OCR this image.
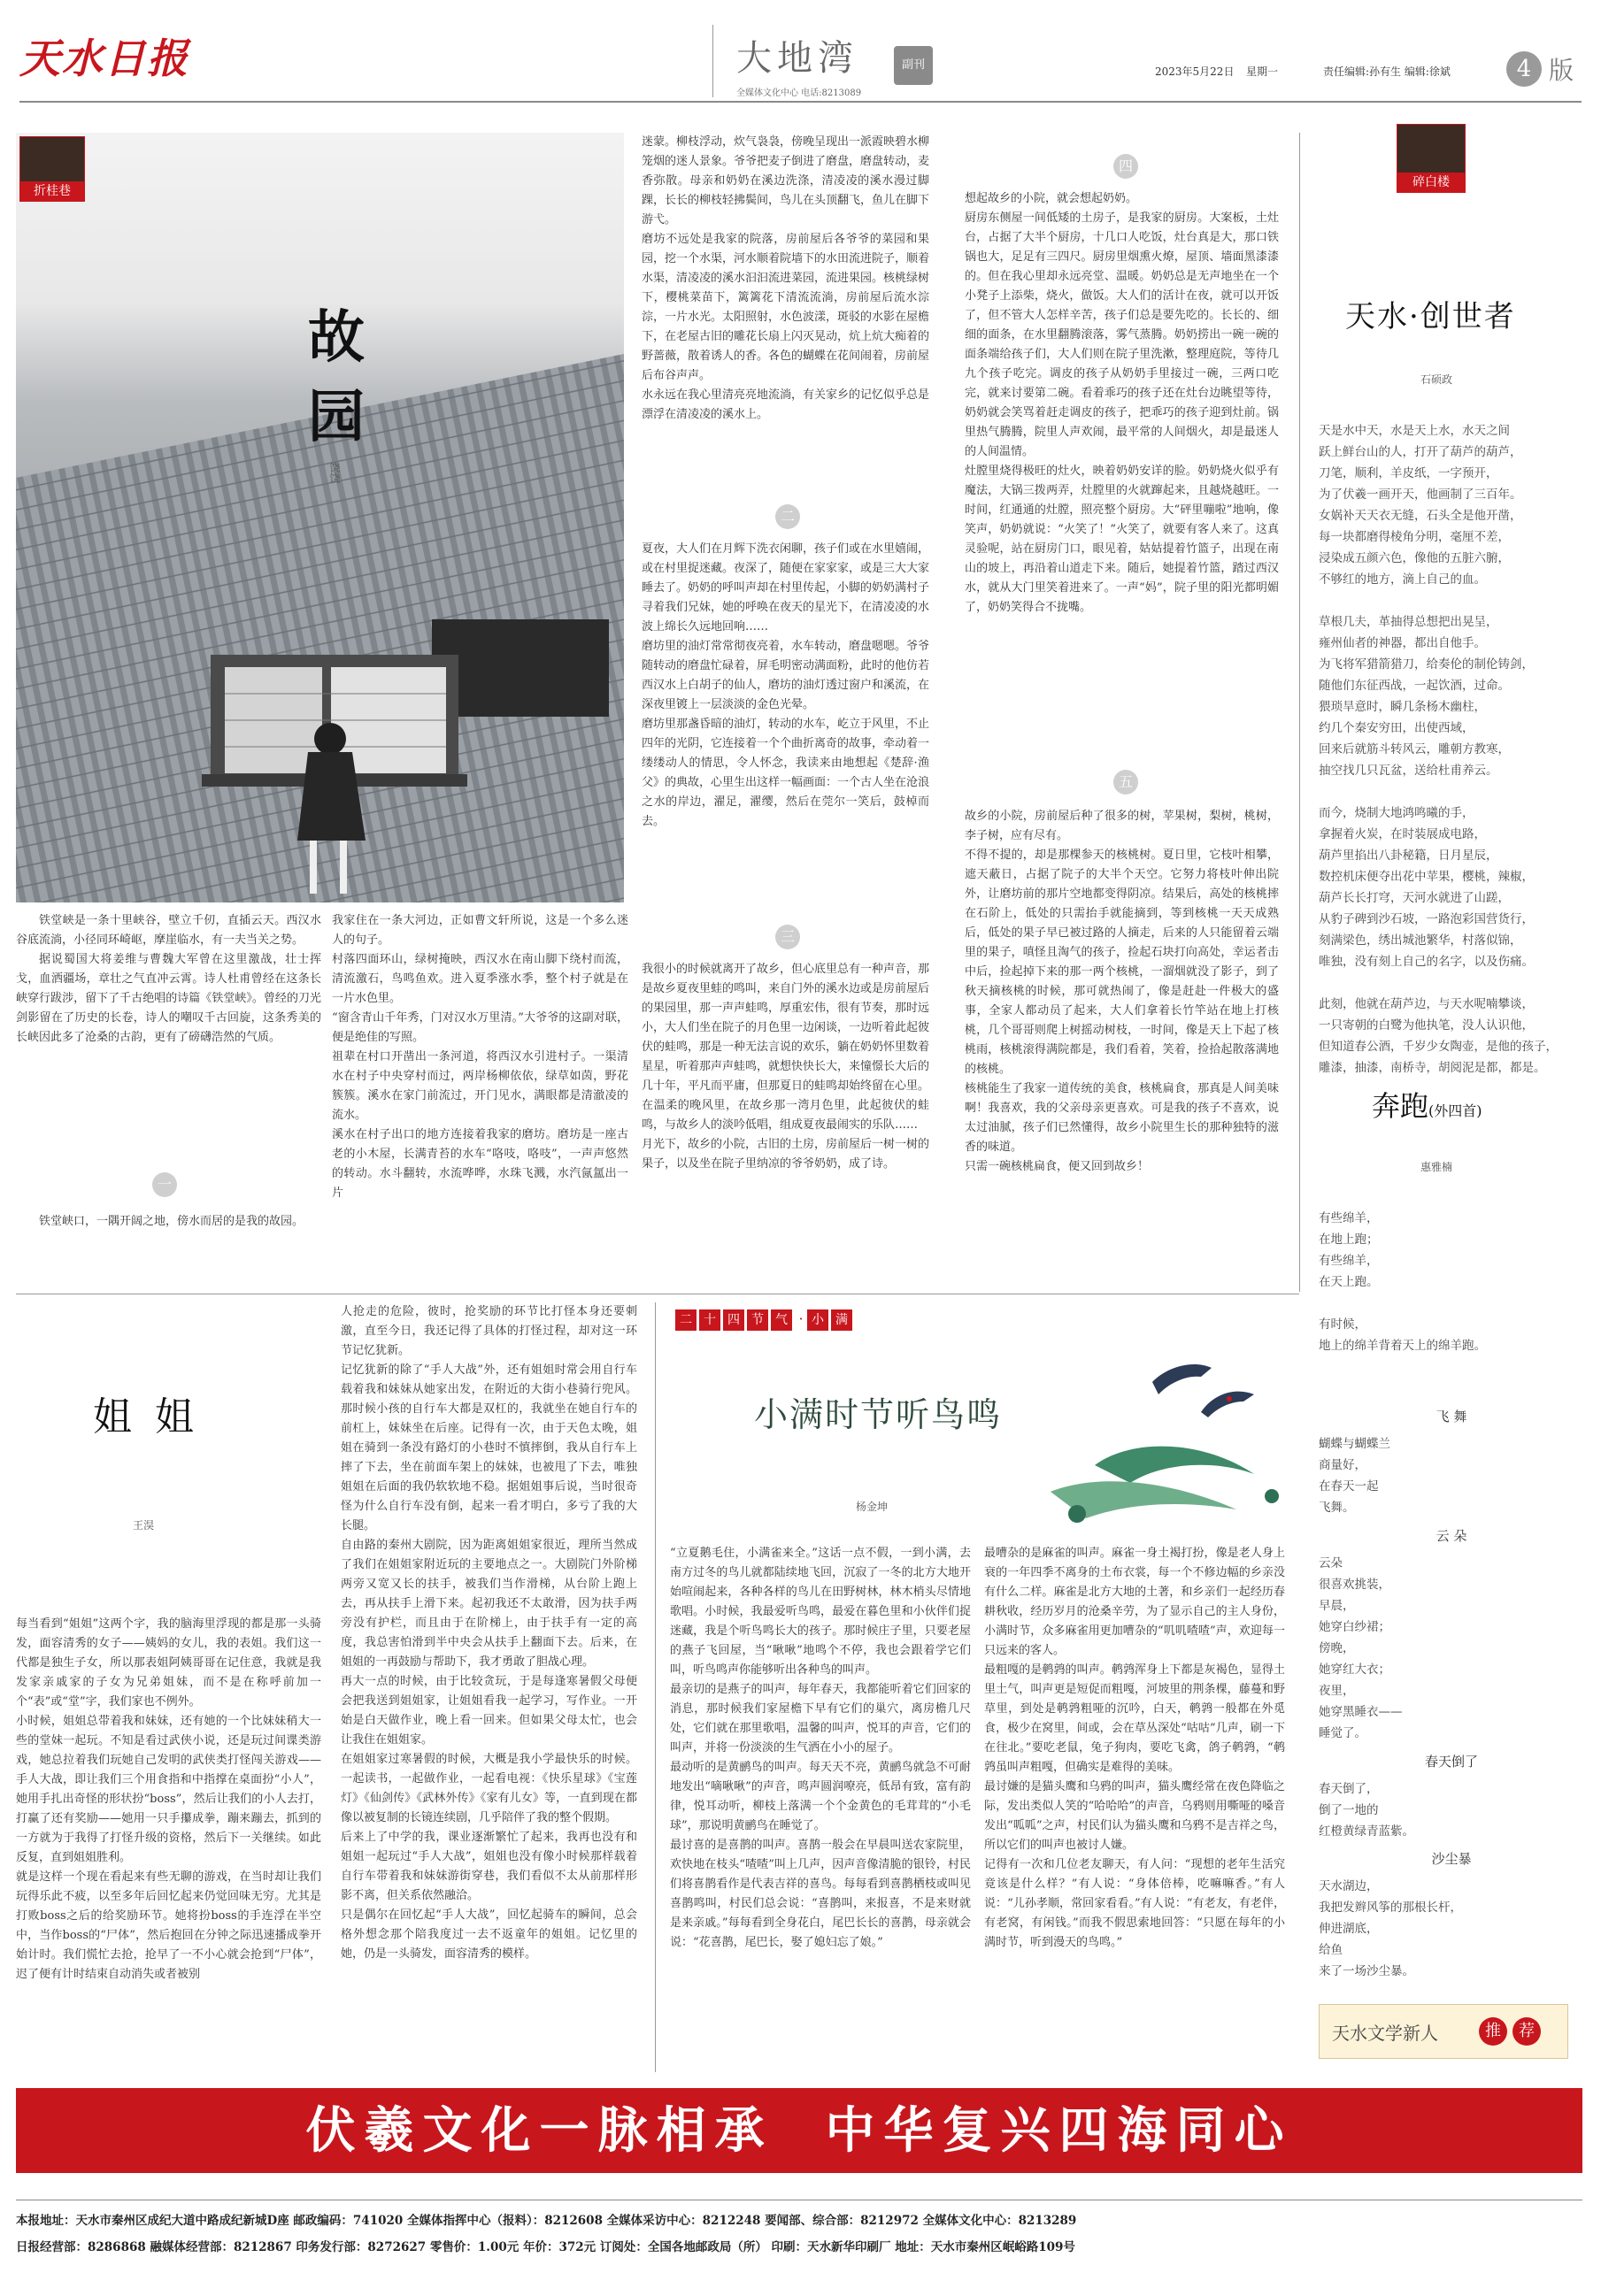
天水日报	大地湾
全媒体文化中心 电话:8213089
副刊	2023年5月22日 星期一	责任编辑:孙有生 编辑:徐斌	4 版
折桂巷
故
园
饶饶

铁堂峡是一条十里峡谷，壁立千仞，直插云天。西汉水谷底流淌，小径同环崎岖，摩崖临水，有一夫当关之势。

据说蜀国大将姜维与曹魏大军曾在这里激战，壮士挥戈，血洒疆场，章壮之气直冲云霄。诗人杜甫曾经在这条长峡穿行跋涉，留下了千古绝唱的诗篇《铁堂峡》。曾经的刀光剑影留在了历史的长卷，诗人的嘲叹千古回旋，这条秀美的长峡因此多了沧桑的古韵，更有了磅礴浩然的气质。

一

铁堂峡口，一隅开阔之地，傍水而居的是我的故园。

我家住在一条大河边，正如曹文轩所说，这是一个多么迷人的句子。
村落四面环山，绿树掩映，西汉水在南山脚下绕村而流，清流激石，鸟鸣鱼欢。进入夏季涨水季，整个村子就是在一片水色里。
“窗含青山千年秀，门对汉水万里清。”大爷爷的这副对联，便是绝佳的写照。
祖辈在村口开凿出一条河道，将西汉水引进村子。一渠清水在村子中央穿村而过，两岸杨柳依依，绿草如茵，野花簇簇。溪水在家门前流过，开门见水，满眼都是清澈凌的流水。
溪水在村子出口的地方连接着我家的磨坊。磨坊是一座古老的小木屋，长满青苔的水车“咯吱，咯吱”，一声声悠然的转动。水斗翻转，水流哗哗，水珠飞溅，水汽氤氲出一片
迷蒙。柳枝浮动，炊气袅袅，傍晚呈现出一派霞映碧水柳笼烟的迷人景象。爷爷把麦子倒进了磨盘，磨盘转动，麦香弥散。母亲和奶奶在溪边洗涤，清凌凌的溪水漫过脚踝，长长的柳枝轻拂鬓间，鸟儿在头顶翻飞，鱼儿在脚下游弋。
磨坊不远处是我家的院落，房前屋后各爷爷的菜园和果园，挖一个水渠，河水顺着院墙下的水田流进院子，顺着水渠，清凌凌的溪水汩汩流进菜园，流进果园。核桃绿树下，樱桃菜苗下，篱篱花下清流流淌，房前屋后流水淙淙，一片水光。太阳照射，水色波漾，斑驳的水影在屋檐下，在老屋古旧的雕花长扇上闪灭晃动，炕上炕大痴着的野蔷薇，散着诱人的香。各色的蝴蝶在花间闹着，房前屋后布谷声声。
水永远在我心里清亮亮地流淌，有关家乡的记忆似乎总是漂浮在清凌凌的溪水上。
二
夏夜，大人们在月辉下洗衣闲聊，孩子们或在水里嬉闹，或在村里捉迷藏。夜深了，随便在家家家，或是三大大家睡去了。奶奶的呼叫声却在村里传起，小脚的奶奶满村子寻着我们兄妹，她的呼唤在夜天的星光下，在清凌凌的水波上绵长久远地回响……
磨坊里的油灯常常彻夜亮着，水车转动，磨盘嗯嗯。爷爷随转动的磨盘忙碌着，屏毛明密动满面粉，此时的他仿若西汉水上白胡子的仙人，磨坊的油灯透过窗户和溪流，在深夜里镀上一层淡淡的金色光晕。
磨坊里那盏昏暗的油灯，转动的水车，屹立于风里，不止四年的光阴，它连接着一个个曲折离奇的故事，牵动着一缕缕动人的情思，令人怀念，我读来由地想起《楚辞·渔父》的典故，心里生出这样一幅画面：一个古人坐在沧浪之水的岸边，濯足，濯缨，然后在莞尔一笑后，鼓棹而去。
三
我很小的时候就离开了故乡，但心底里总有一种声音，那是故乡夏夜里蛙的鸣叫，来自门外的溪水边或是房前屋后的果园里，那一声声蛙鸣，厚重宏伟，很有节奏，那时远小，大人们坐在院子的月色里一边闲谈，一边听着此起彼伏的蛙鸣，那是一种无法言说的欢乐，躺在奶奶怀里数着星星，听着那声声蛙鸣，就想快快长大，来憧憬长大后的几十年，平凡而平庸，但那夏日的蛙鸣却始终留在心里。
在温柔的晚风里，在故乡那一湾月色里，此起彼伏的蛙鸣，与故乡人的淡吟低唱，组成夏夜最闹实的乐队……
月光下，故乡的小院，古旧的土房，房前屋后一树一树的果子，以及坐在院子里纳凉的爷爷奶奶，成了诗。
四
想起故乡的小院，就会想起奶奶。
厨房东侧屋一间低矮的土房子，是我家的厨房。大案板，土灶台，占据了大半个厨房，十几口人吃饭，灶台真是大，那口铁锅也大，足足有三四尺。厨房里烟熏火燎，屋顶、墙面黑漆漆的。但在我心里却永远亮堂、温暖。奶奶总是无声地坐在一个小凳子上添柴，烧火，做饭。大人们的活计在夜，就可以开饭了，但不管大人怎样辛苦，孩子们总是要先吃的。长长的、细细的面条，在水里翻腾滚落，雾气蒸腾。奶奶捞出一碗一碗的面条端给孩子们，大人们则在院子里洗漱，整理庭院，等待几九个孩子吃完。调皮的孩子从奶奶手里接过一碗，三两口吃完，就来讨要第二碗。看着乖巧的孩子还在灶台边眺望等待，奶奶就会笑骂着赶走调皮的孩子，把乖巧的孩子迎到灶前。锅里热气腾腾，院里人声欢闹，最平常的人间烟火，却是最迷人的人间温情。
灶膛里烧得极旺的灶火，映着奶奶安详的脸。奶奶烧火似乎有魔法，大锅三拨两弄，灶膛里的火就蹿起来，且越烧越旺。一时间，红通通的灶膛，照亮整个厨房。大“砰里嘣啦”地响，像笑声，奶奶就说：“火笑了！”火笑了，就要有客人来了。这真灵验呢，站在厨房门口，眼见着，姑姑提着竹篮子，出现在南山的坡上，再沿着山道走下来。随后，她提着竹篮，踏过西汉水，就从大门里笑着进来了。一声“妈”，院子里的阳光都明媚了，奶奶笑得合不拢嘴。
五
故乡的小院，房前屋后种了很多的树，苹果树，梨树，桃树，李子树，应有尽有。
不得不提的，却是那棵参天的核桃树。夏日里，它枝叶相攀，遮天蔽日，占据了院子的大半个天空。它努力将枝叶伸出院外，让磨坊前的那片空地都变得阴凉。结果后，高处的核桃摔在石阶上，低处的只需抬手就能摘到，等到核桃一天天成熟后，低处的果子早已被过路的人摘走，后来的人只能留着云端里的果子，嗔怪且淘气的孩子，捡起石块打向高处，幸运者击中后，捡起掉下来的那一两个核桃，一溜烟就没了影子，到了秋天摘核桃的时候，那可就热闹了，像是赶赴一件极大的盛事，全家人都动员了起来，大人们拿着长竹竿站在地上打核桃，几个哥哥则爬上树摇动树枝，一时间，像是天上下起了核桃雨，核桃滚得满院都是，我们看着，笑着，捡拾起散落满地的核桃。
核桃能生了我家一道传统的美食，核桃扁食，那真是人间美味啊！我喜欢，我的父亲母亲更喜欢。可是我的孩子不喜欢，说太过油腻，孩子们已然懂得，故乡小院里生长的那种独特的滋香的味道。
只需一碗核桃扁食，便又回到故乡！
碎白楼
天水·创世者
石硕政
天是水中天，水是天上水，水天之间
跃上鲜台山的人，打开了葫芦的葫芦，
刀笔，顺利，羊皮纸，一字预开，
为了伏羲一画开天，他画制了三百年。
女娲补天天衣无缝，石头全是他开凿，
每一块都磨得棱角分明，毫厘不差，
浸染成五颜六色，像他的五脏六腑，
不够红的地方，滴上自己的血。

草根几夫，革抽得总想把出晃呈，
雍州仙者的神器，都出自他手。
为飞将军猎箭猎刀，给奏伦的制伦铸剑，
随他们东征西战，一起饮酒，过命。
猥琐旱意时，瞬几条杨木幽柱，
约几个秦安穷田，出使西域，
回来后就筋斗转风云，雕朝方教寒，
抽空找几只瓦盆，送给杜甫养云。

而今，烧制大地鸿鸣曦的手，
拿握着火炭，在时装展成电路，
葫芦里掐出八卦秘籍，日月星辰，
数控机床便夺出花中苹果，樱桃，辣椒，
葫芦长长打穹，天河水就进了山蹉，
从豹子碑到沙石坡，一路泡彩国营货行，
刻满梁色，绣出城池繁华，村落似锦，
唯独，没有刻上自己的名字，以及伤痛。

此刻，他就在葫芦边，与天水呢喃攀谈，
一只寄朝的白鹭为他执笔，没人认识他，
但知道春公酒，千岁少女陶壶，是他的孩子，
雕漆，抽漆，南桥寺，胡阅泥是都，都是。
奔跑(外四首)
惠雅楠
有些绵羊，
在地上跑；
有些绵羊，
在天上跑。

有时候，
地上的绵羊背着天上的绵羊跑。
飞 舞
蝴蝶与蝴蝶兰
商量好，
在春天一起
飞舞。
云 朵
云朵
很喜欢挑装，
早晨，
她穿白纱裙；
傍晚，
她穿红大衣；
夜里，
她穿黑睡衣——
睡觉了。
春天倒了
春天倒了，
倒了一地的
红橙黄绿青蓝紫。
沙尘暴
天水湖边，
我把发辫风筝的那根长杆，
伸进湖底，
给鱼
来了一场沙尘暴。
天水文学新人	推	荐
姐 姐
王淏
每当看到“姐姐”这两个字，我的脑海里浮现的都是那一头骑发，面容清秀的女子——姨妈的女儿，我的表姐。我们这一代都是独生子女，所以那表姐阿姨哥哥在记住意，我就是我发家亲戚家的子女为兄弟姐妹，而不是在称呼前加一个“表”或“堂”字，我们家也不例外。
小时候，姐姐总带着我和妹妹，还有她的一个比妹妹稍大一些的堂妹一起玩。不知是看过武侠小说，还是玩过间谍类游戏，她总拉着我们玩她自己发明的武侠类打怪闯关游戏——手人大战，即让我们三个用食指和中指撑在桌面扮“小人”，她用手扎出奇怪的形状扮“boss”，然后让我们的小人去打，打赢了还有奖励——她用一只手攥成拳，蹦来蹦去，抓到的一方就为于我得了打怪升级的资格，然后下一关继续。如此反复，直到姐姐胜利。
就是这样一个现在看起来有些无聊的游戏，在当时却让我们玩得乐此不疲，以至多年后回忆起来仍觉回味无穷。尤其是打败boss之后的给奖励环节。她将扮boss的手连浮在半空中，当作boss的“尸体”，然后抱回在分钟之际迅速播成拳开始计时。我们慌忙去抢，抢早了一不小心就会抢到“尸体”，迟了便有计时结束自动消失或者被别
人抢走的危险，彼时，抢奖励的环节比打怪本身还要刺激，直至今日，我还记得了具体的打怪过程，却对这一环节记忆犹新。
记忆犹新的除了“手人大战”外，还有姐姐时常会用自行车载着我和妹妹从她家出发，在附近的大街小巷骑行兜风。那时候小孩的自行车大都是双杠的，我就坐在她自行车的前杠上，妹妹坐在后座。记得有一次，由于天色太晚，姐姐在骑到一条没有路灯的小巷时不慎摔倒，我从自行车上摔了下去，坐在前面车架上的妹妹，也被甩了下去，唯独姐姐在后面的我仍软软地不稳。据姐姐事后说，当时很奇怪为什么自行车没有倒，起来一看才明白，多亏了我的大长腿。
自由路的秦州大剧院，因为距离姐姐家很近，理所当然成了我们在姐姐家附近玩的主要地点之一。大剧院门外阶梯两旁又宽又长的扶手，被我们当作滑梯，从台阶上跑上去，再从扶手上滑下来。起初我还不太敢滑，因为扶手两旁没有护栏，而且由于在阶梯上，由于扶手有一定的高度，我总害怕滑到半中央会从扶手上翻面下去。后来，在姐姐的一再鼓励与帮助下，我才勇敢了胆战心理。
再大一点的时候，由于比较贪玩，于是每逢寒暑假父母便会把我送到姐姐家，让姐姐看我一起学习，写作业。一开始是白天做作业，晚上看一回来。但如果父母太忙，也会让我住在姐姐家。
在姐姐家过寒暑假的时候，大概是我小学最快乐的时候。一起读书，一起做作业，一起看电视：《快乐星球》《宝莲灯》《仙剑传》《武林外传》《家有儿女》等，一直到现在都像以被复制的长镜连续剧，几乎陪伴了我的整个假期。
后来上了中学的我，课业逐渐繁忙了起来，我再也没有和姐姐一起玩过“手人大战”，姐姐也没有像小时候那样载着自行车带着我和妹妹游街穿巷，我们看似不太从前那样形影不离，但关系依然融洽。
只是偶尔在回忆起“手人大战”，回忆起骑车的瞬间，总会格外想念那个陪我度过一去不返童年的姐姐。记忆里的她，仍是一头骑发，面容清秀的模样。
二 十 四 节 气 · 小 满
小满时节听鸟鸣
杨金坤
“立夏鹅毛住，小满雀来全。”这话一点不假，一到小满，去南方过冬的鸟儿就都陆续地飞回，沉寂了一冬的北方大地开始喧闹起来，各种各样的鸟儿在田野树林，林木梢头尽情地歌唱。小时候，我最爱听鸟鸣，最爱在暮色里和小伙伴们捉迷藏，我是个听鸟鸣长大的孩子。那时候庄子里，只要老屋的燕子飞回屋，当“啾啾”地鸣个不停，我也会跟着学它们叫，听鸟鸣声你能够听出各种鸟的叫声。
最亲切的是燕子的叫声，每年春天，我都能听着它们回家的消息，那时候我们家屋檐下早有它们的巢穴，离房檐几尺处，它们就在那里歌唱，温馨的叫声，悦耳的声音，它们的叫声，并将一份淡淡的生气洒在小小的屋子。
最动听的是黄鹂鸟的叫声。每天天不亮，黄鹂鸟就急不可耐地发出“嘀啾啾”的声音，鸣声圆润嘹亮，低昂有致，富有韵律，悦耳动听，柳枝上落满一个个金黄色的毛茸茸的“小毛球”，那说明黄鹂鸟在睡觉了。
最讨喜的是喜鹊的叫声。喜鹊一般会在早晨叫送农家院里，欢快地在枝头“喳喳”叫上几声，因声音像清脆的银铃，村民们将喜鹊看作是代表吉祥的喜鸟。每每看到喜鹊栖枝或叫见喜鹊鸣叫，村民们总会说：“喜鹊叫，来报喜，不是来财就是来亲戚。”每每看到全身花白，尾巴长长的喜鹊，母亲就会说：“花喜鹊，尾巴长，娶了媳妇忘了娘。”
最嘈杂的是麻雀的叫声。麻雀一身土褐打扮，像是老人身上衰的一年四季不离身的土布衣裳，每一个不修边幅的乡亲没有什么二样。麻雀是北方大地的土著，和乡亲们一起经历春耕秋收，经历岁月的沧桑辛劳，为了显示自己的主人身份，小满时节，众多麻雀用更加嘈杂的“叽叽喳喳”声，欢迎每一只远来的客人。
最粗嘎的是鹌鹑的叫声。鹌鹑浑身上下都是灰褐色，显得土里土气，叫声更是短促而粗嘎，河坡里的荆条棵，藤蔓和野草里，到处是鹌鹑粗哑的沉吟，白天，鹌鹑一般都在外觅食，极少在窝里，间或，会在草丛深处“咕咕”几声，刷一下在往北。”要吃老鼠，兔子狗肉，要吃飞禽，鸽子鹌鹑，“鹌鹑虽叫声粗嘎，但确实是难得的美味。
最讨嫌的是猫头鹰和乌鸦的叫声，猫头鹰经常在夜色降临之际，发出类似人笑的“哈哈哈”的声音，乌鸦则用嘶哑的嗓音发出“呱呱”之声，村民们认为猫头鹰和乌鸦不是吉祥之鸟，所以它们的叫声也被讨人嫌。
记得有一次和几位老友聊天，有人问：“现想的老年生活究竟该是什么样？”有人说：“身体倍棒，吃嘛嘛香。”有人说：“儿孙孝顺，常回家看看。”有人说：“有老友，有老伴，有老窝，有闲钱。”而我不假思索地回答：“只愿在每年的小满时节，听到漫天的鸟鸣。”
伏羲文化一脉相承  中华复兴四海同心
本报地址：天水市秦州区成纪大道中路成纪新城D座 邮政编码：741020 全媒体指挥中心（报料）：8212608 全媒体采访中心：8212248 要闻部、综合部：8212972 全媒体文化中心：8213289
日报经营部：8286868 融媒体经营部：8212867 印务发行部：8272627 零售价：1.00元 年价：372元 订阅处：全国各地邮政局（所） 印刷：天水新华印刷厂 地址：天水市秦州区岷峪路109号
